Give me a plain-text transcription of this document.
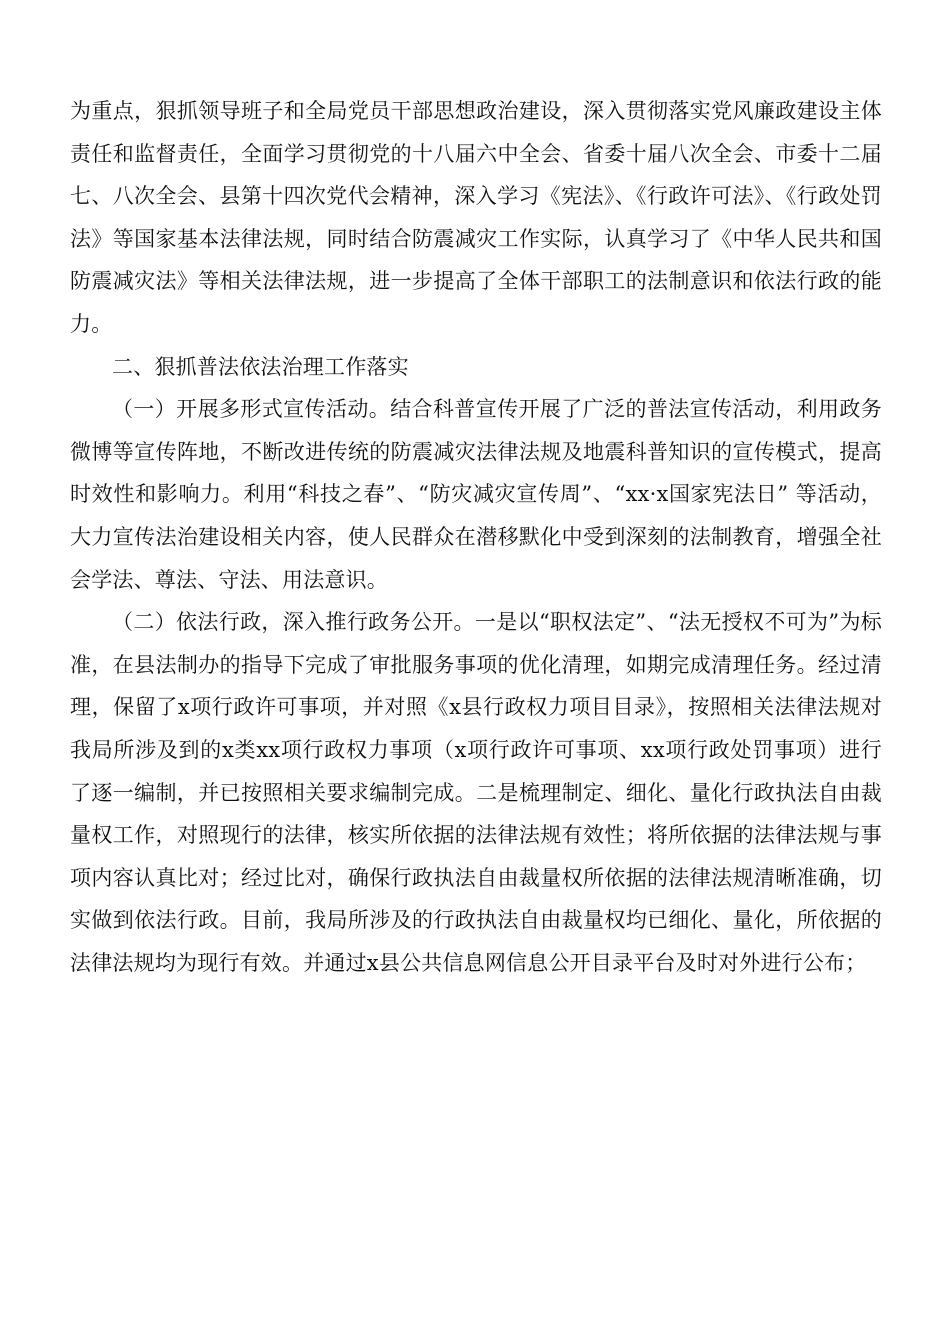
为重点，狠抓领导班子和全局党员干部思想政治建设，深入贯彻落实党风廉政建设主体责任和监督责任，全面学习贯彻党的十八届六中全会、省委十届八次全会、市委十二届七、八次全会、县第十四次党代会精神，深入学习《宪法》、《行政许可法》、《行政处罚法》等国家基本法律法规，同时结合防震减灾工作实际，认真学习了《中华人民共和国防震减灾法》等相关法律法规，进一步提高了全体干部职工的法制意识和依法行政的能力。

二、狠抓普法依法治理工作落实

（一）开展多形式宣传活动。结合科普宣传开展了广泛的普法宣传活动，利用政务微博等宣传阵地，不断改进传统的防震减灾法律法规及地震科普知识的宣传模式，提高时效性和影响力。利用“科技之春”、“防灾减灾宣传周”、“xx·x国家宪法日” 等活动，大力宣传法治建设相关内容，使人民群众在潜移默化中受到深刻的法制教育，增强全社会学法、尊法、守法、用法意识。

（二）依法行政，深入推行政务公开。一是以“职权法定”、“法无授权不可为”为标准，在县法制办的指导下完成了审批服务事项的优化清理，如期完成清理任务。经过清理，保留了x项行政许可事项，并对照《x县行政权力项目目录》，按照相关法律法规对我局所涉及到的x类xx项行政权力事项（x项行政许可事项、xx项行政处罚事项）进行了逐一编制，并已按照相关要求编制完成。二是梳理制定、细化、量化行政执法自由裁量权工作，对照现行的法律，核实所依据的法律法规有效性；将所依据的法律法规与事项内容认真比对；经过比对，确保行政执法自由裁量权所依据的法律法规清晰准确，切实做到依法行政。目前，我局所涉及的行政执法自由裁量权均已细化、量化，所依据的法律法规均为现行有效。并通过x县公共信息网信息公开目录平台及时对外进行公布；
